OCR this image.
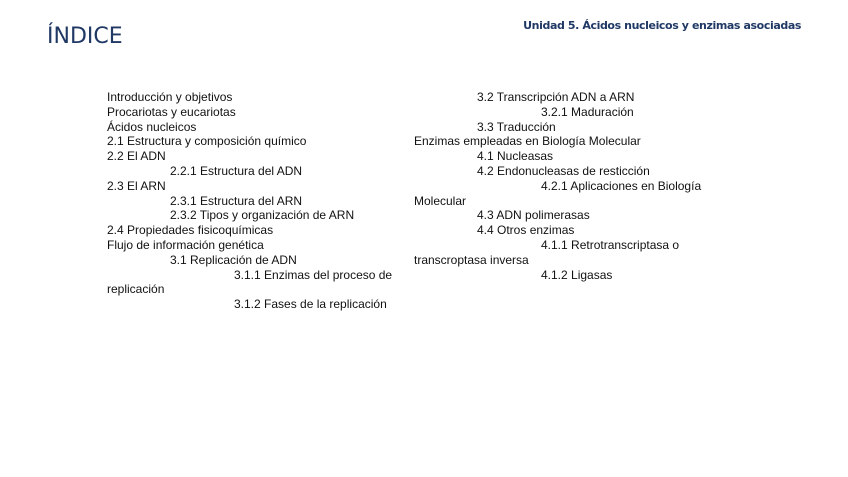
ÍNDICE	Unidad 5. Ácidos nucleicos y enzimas asociadas
Introducción y objetivos
Procariotas y eucariotas
Ácidos nucleicos
2.1 Estructura y composición químico
2.2 El ADN
2.2.1 Estructura del ADN
2.3 El ARN
2.3.1 Estructura del ARN
2.3.2 Tipos y organización de ARN
2.4 Propiedades fisicoquímicas
Flujo de información genética
3.1 Replicación de ADN
3.1.1 Enzimas del proceso de
replicación
3.1.2 Fases de la replicación
3.2 Transcripción ADN a ARN
3.2.1 Maduración
3.3 Traducción
Enzimas empleadas en Biología Molecular
4.1 Nucleasas
4.2 Endonucleasas de resticción
4.2.1 Aplicaciones en Biología
Molecular
4.3 ADN polimerasas
4.4 Otros enzimas
4.1.1 Retrotranscriptasa o
transcroptasa inversa
4.1.2 Ligasas
